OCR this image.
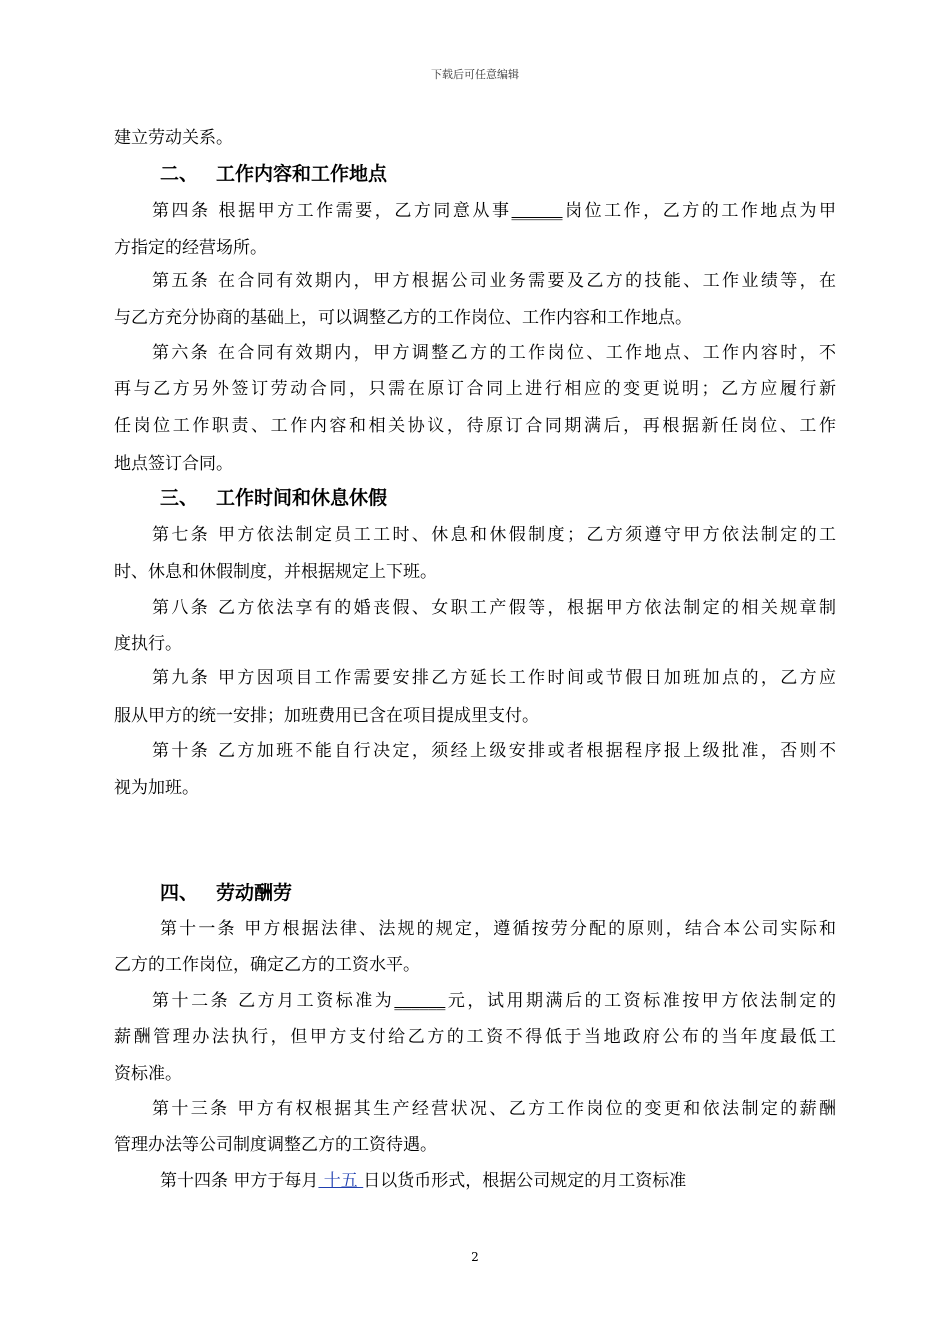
下载后可任意编辑
建立劳动关系。
二、 工作内容和工作地点
第四条 根据甲方工作需要，乙方同意从事______岗位工作，乙方的工作地点为甲
方指定的经营场所。
第五条 在合同有效期内，甲方根据公司业务需要及乙方的技能、工作业绩等，在
与乙方充分协商的基础上，可以调整乙方的工作岗位、工作内容和工作地点。
第六条 在合同有效期内，甲方调整乙方的工作岗位、工作地点、工作内容时，不
再与乙方另外签订劳动合同，只需在原订合同上进行相应的变更说明；乙方应履行新
任岗位工作职责、工作内容和相关协议，待原订合同期满后，再根据新任岗位、工作
地点签订合同。
三、 工作时间和休息休假
第七条 甲方依法制定员工工时、休息和休假制度；乙方须遵守甲方依法制定的工
时、休息和休假制度，并根据规定上下班。
第八条 乙方依法享有的婚丧假、女职工产假等，根据甲方依法制定的相关规章制
度执行。
第九条 甲方因项目工作需要安排乙方延长工作时间或节假日加班加点的，乙方应
服从甲方的统一安排；加班费用已含在项目提成里支付。
第十条 乙方加班不能自行决定，须经上级安排或者根据程序报上级批准，否则不
视为加班。
四、 劳动酬劳
第十一条 甲方根据法律、法规的规定，遵循按劳分配的原则，结合本公司实际和
乙方的工作岗位，确定乙方的工资水平。
第十二条 乙方月工资标准为______元，试用期满后的工资标准按甲方依法制定的
薪酬管理办法执行，但甲方支付给乙方的工资不得低于当地政府公布的当年度最低工
资标准。
第十三条 甲方有权根据其生产经营状况、乙方工作岗位的变更和依法制定的薪酬
管理办法等公司制度调整乙方的工资待遇。
第十四条 甲方于每月 十五 日以货币形式，根据公司规定的月工资标准
2
